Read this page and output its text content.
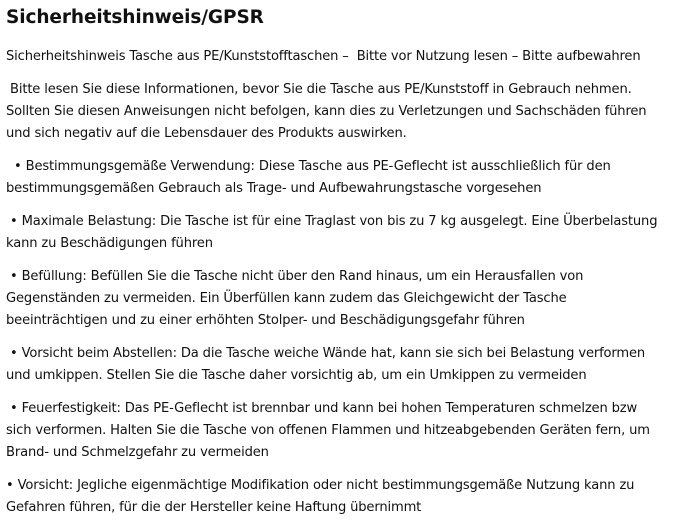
Sicherheitshinweis/GPSR

Sicherheitshinweis Tasche aus PE/Kunststofftaschen –  Bitte vor Nutzung lesen – Bitte aufbewahren

Bitte lesen Sie diese Informationen, bevor Sie die Tasche aus PE/Kunststoff in Gebrauch nehmen.
Sollten Sie diesen Anweisungen nicht befolgen, kann dies zu Verletzungen und Sachschäden führen
und sich negativ auf die Lebensdauer des Produkts auswirken.

• Bestimmungsgemäße Verwendung: Diese Tasche aus PE-Geflecht ist ausschließlich für den
bestimmungsgemäßen Gebrauch als Trage- und Aufbewahrungstasche vorgesehen

• Maximale Belastung: Die Tasche ist für eine Traglast von bis zu 7 kg ausgelegt. Eine Überbelastung
kann zu Beschädigungen führen

• Befüllung: Befüllen Sie die Tasche nicht über den Rand hinaus, um ein Herausfallen von
Gegenständen zu vermeiden. Ein Überfüllen kann zudem das Gleichgewicht der Tasche
beeinträchtigen und zu einer erhöhten Stolper- und Beschädigungsgefahr führen

• Vorsicht beim Abstellen: Da die Tasche weiche Wände hat, kann sie sich bei Belastung verformen
und umkippen. Stellen Sie die Tasche daher vorsichtig ab, um ein Umkippen zu vermeiden

• Feuerfestigkeit: Das PE-Geflecht ist brennbar und kann bei hohen Temperaturen schmelzen bzw
sich verformen. Halten Sie die Tasche von offenen Flammen und hitzeabgebenden Geräten fern, um
Brand- und Schmelzgefahr zu vermeiden

• Vorsicht: Jegliche eigenmächtige Modifikation oder nicht bestimmungsgemäße Nutzung kann zu
Gefahren führen, für die der Hersteller keine Haftung übernimmt
